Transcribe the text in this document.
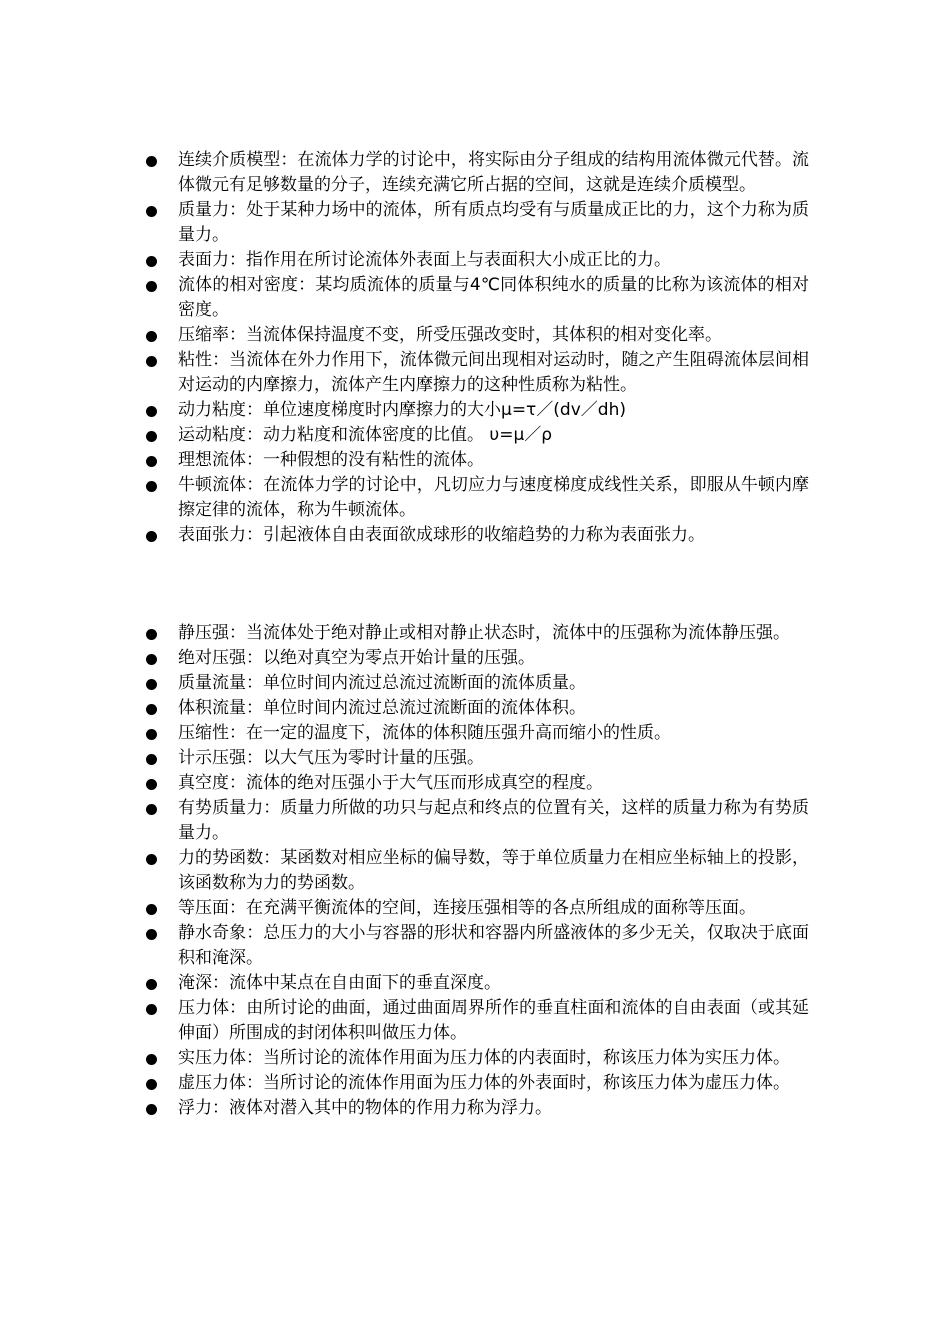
连续介质模型：在流体力学的讨论中，将实际由分子组成的结构用流体微元代替。流体微元有足够数量的分子，连续充满它所占据的空间，这就是连续介质模型。
质量力：处于某种力场中的流体，所有质点均受有与质量成正比的力，这个力称为质量力。
表面力：指作用在所讨论流体外表面上与表面积大小成正比的力。
流体的相对密度：某均质流体的质量与4℃同体积纯水的质量的比称为该流体的相对密度。
压缩率：当流体保持温度不变，所受压强改变时，其体积的相对变化率。
粘性：当流体在外力作用下，流体微元间出现相对运动时，随之产生阻碍流体层间相对运动的内摩擦力，流体产生内摩擦力的这种性质称为粘性。
动力粘度：单位速度梯度时内摩擦力的大小μ=τ／(dv／dh)
运动粘度：动力粘度和流体密度的比值。 υ=μ／ρ
理想流体：一种假想的没有粘性的流体。
牛顿流体：在流体力学的讨论中，凡切应力与速度梯度成线性关系，即服从牛顿内摩擦定律的流体，称为牛顿流体。
表面张力：引起液体自由表面欲成球形的收缩趋势的力称为表面张力。
静压强：当流体处于绝对静止或相对静止状态时，流体中的压强称为流体静压强。
绝对压强：以绝对真空为零点开始计量的压强。
质量流量：单位时间内流过总流过流断面的流体质量。
体积流量：单位时间内流过总流过流断面的流体体积。
压缩性：在一定的温度下，流体的体积随压强升高而缩小的性质。
计示压强：以大气压为零时计量的压强。
真空度：流体的绝对压强小于大气压而形成真空的程度。
有势质量力：质量力所做的功只与起点和终点的位置有关，这样的质量力称为有势质量力。
力的势函数：某函数对相应坐标的偏导数，等于单位质量力在相应坐标轴上的投影，该函数称为力的势函数。
等压面：在充满平衡流体的空间，连接压强相等的各点所组成的面称等压面。
静水奇象：总压力的大小与容器的形状和容器内所盛液体的多少无关，仅取决于底面积和淹深。
淹深：流体中某点在自由面下的垂直深度。
压力体：由所讨论的曲面，通过曲面周界所作的垂直柱面和流体的自由表面（或其延伸面）所围成的封闭体积叫做压力体。
实压力体：当所讨论的流体作用面为压力体的内表面时，称该压力体为实压力体。
虚压力体：当所讨论的流体作用面为压力体的外表面时，称该压力体为虚压力体。
浮力：液体对潜入其中的物体的作用力称为浮力。
